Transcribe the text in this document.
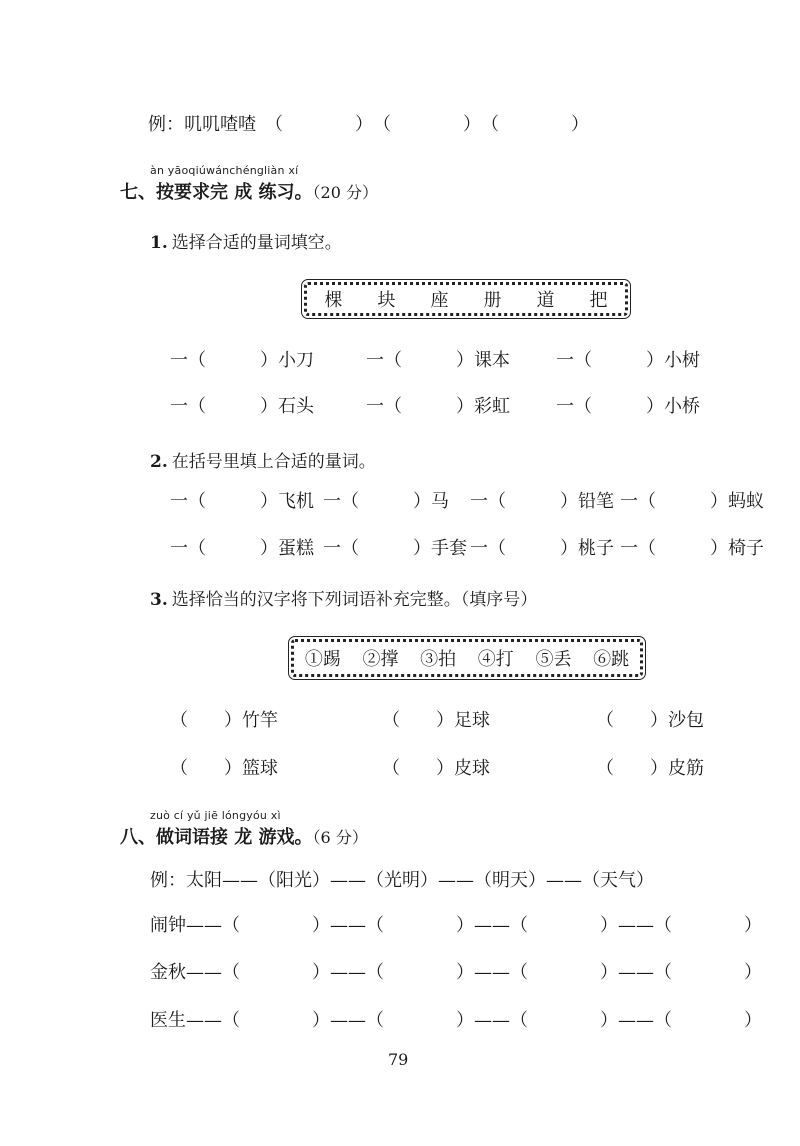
例：叽叽喳喳　（　　　　）　（　　　　）　（　　　　）
àn yāoqiúwánchéngliàn xí
七、按要求完 成 练习。（20 分）
1. 选择合适的量词填空。
棵 块 座 册 道 把
一（　　　）小刀	一（　　　）课本	一（　　　）小树
一（　　　）石头	一（　　　）彩虹	一（　　　）小桥
2. 在括号里填上合适的量词。
一（　　　）飞机 一（　　　）马 一（　　　）铅笔 一（　　　）蚂蚁
一（　　　）蛋糕 一（　　　）手套 一（　　　）桃子 一（　　　）椅子
3. 选择恰当的汉字将下列词语补充完整。（填序号）
①踢 ②撑 ③拍 ④打 ⑤丢 ⑥跳
（　　）竹竿	（　　）足球	（　　）沙包
（　　）篮球	（　　）皮球	（　　）皮筋
zuò cí yǔ jiē lóngyóu xì
八、做词语接 龙 游戏。（6 分）
例：太阳——（阳光）——（光明）——（明天）——（天气）
闹钟——（　　　　）——（　　　　）——（　　　　）——（　　　　）
金秋——（　　　　）——（　　　　）——（　　　　）——（　　　　）
医生——（　　　　）——（　　　　）——（　　　　）——（　　　　）
79
